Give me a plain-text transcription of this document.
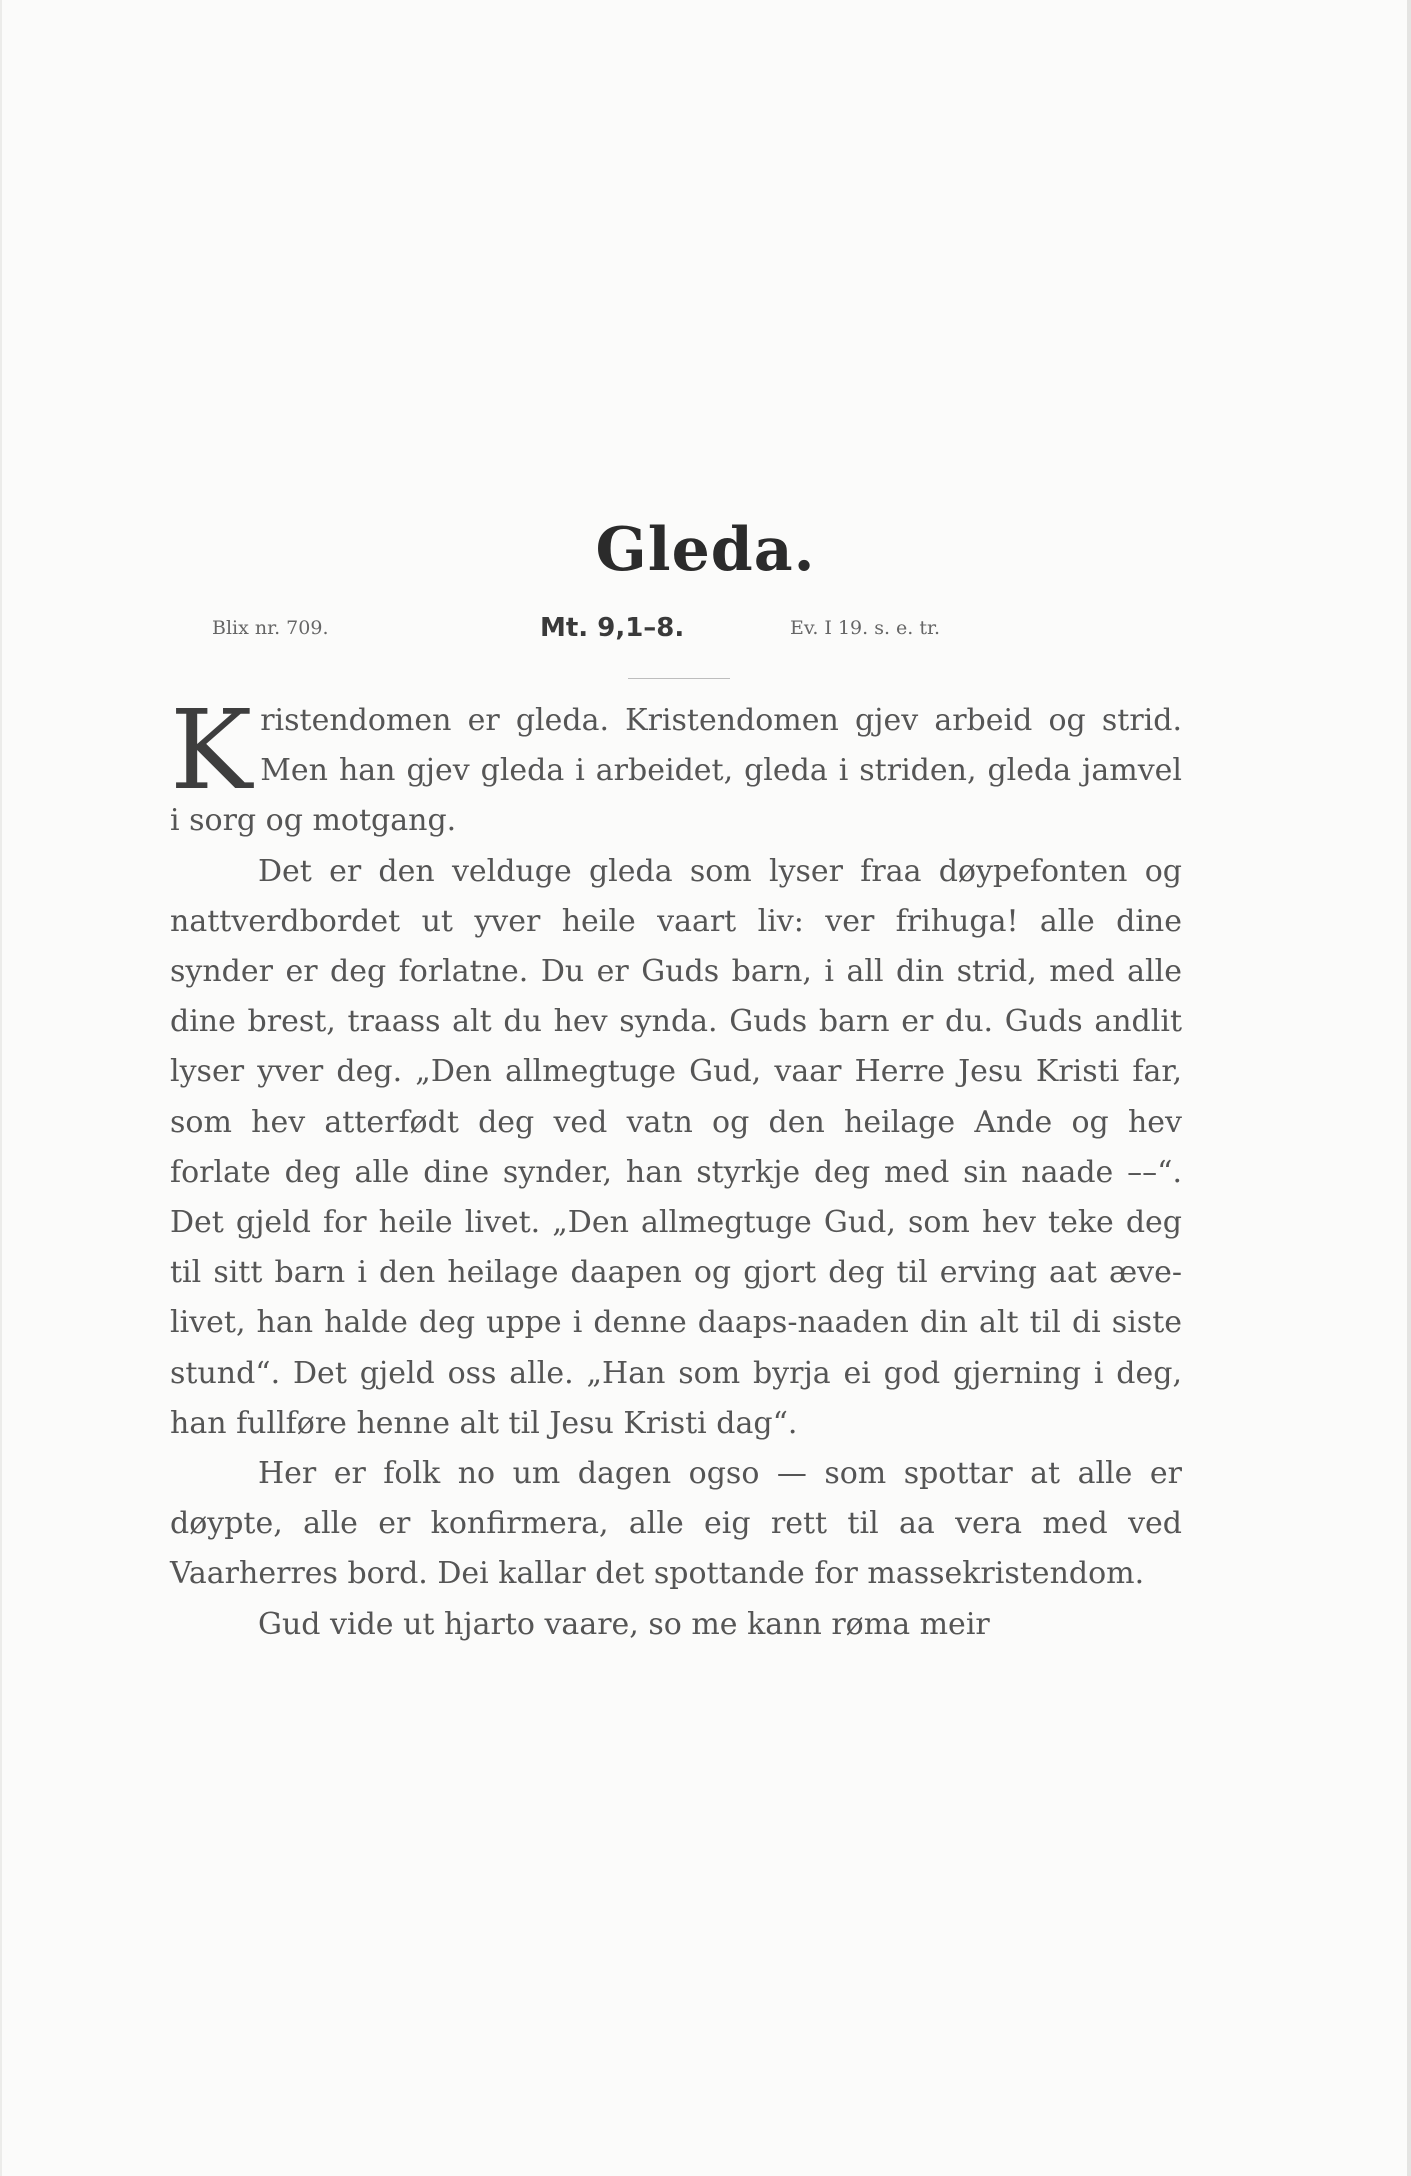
Gleda.
Blix nr. 709.	Mt. 9,1–8.	Ev. I 19. s. e. tr.

Kristendomen er gleda. Kristendomen gjev arbeid og strid. Men han gjev gleda i arbeidet, gleda i striden, gleda jamvel i sorg og motgang.

Det er den velduge gleda som lyser fraa døypefonten og nattverdbordet ut yver heile vaart liv: ver frihuga! alle dine synder er deg forlatne. Du er Guds barn, i all din strid, med alle dine brest, traass alt du hev synda. Guds barn er du. Guds andlit lyser yver deg. „Den allmegtuge Gud, vaar Herre Jesu Kristi far, som hev atterfødt deg ved vatn og den heilage Ande og hev forlate deg alle dine synder, han styrkje deg med sin naade ––“. Det gjeld for heile livet. „Den allmegtuge Gud, som hev teke deg til sitt barn i den heilage daapen og gjort deg til erving aat æve-livet, han halde deg uppe i denne daaps-naaden din alt til di siste stund“. Det gjeld oss alle. „Han som byrja ei god gjerning i deg, han fullføre henne alt til Jesu Kristi dag“.

Her er folk no um dagen ogso — som spottar at alle er døypte, alle er konfirmera, alle eig rett til aa vera med ved Vaarherres bord. Dei kallar det spottande for massekristendom.

Gud vide ut hjarto vaare, so me kann røma meir
